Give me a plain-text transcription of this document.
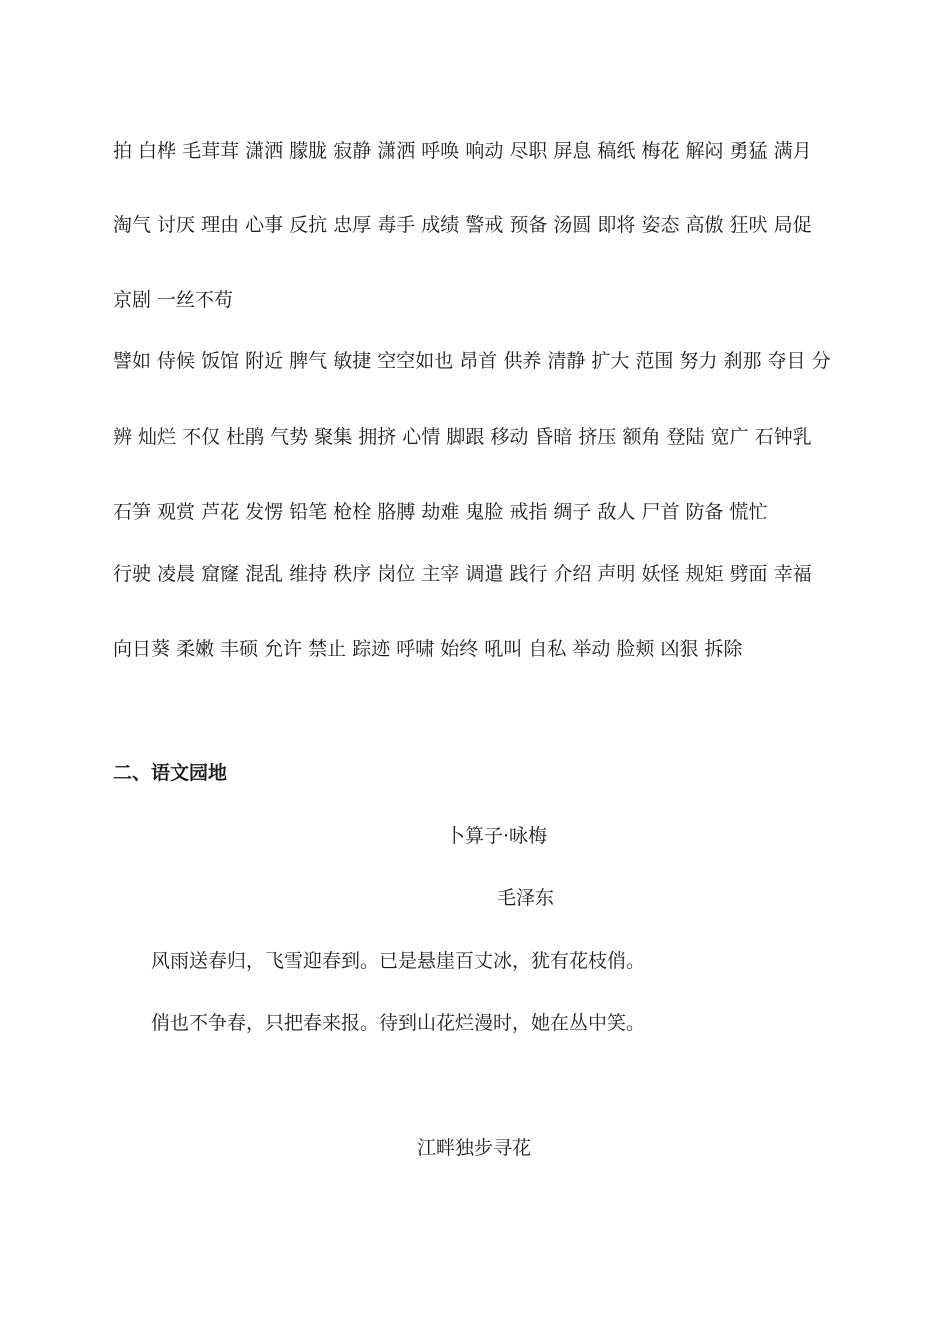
拍 白桦 毛茸茸 潇洒 朦胧 寂静 潇洒 呼唤 响动 尽职 屏息 稿纸 梅花 解闷 勇猛 满月
淘气 讨厌 理由 心事 反抗 忠厚 毒手 成绩 警戒 预备 汤圆 即将 姿态 高傲 狂吠 局促
京剧 一丝不苟
譬如 侍候 饭馆 附近 脾气 敏捷 空空如也 昂首 供养 清静 扩大 范围 努力 刹那 夺目 分
辨 灿烂 不仅 杜鹃 气势 聚集 拥挤 心情 脚跟 移动 昏暗 挤压 额角 登陆 宽广 石钟乳
石笋 观赏 芦花 发愣 铅笔 枪栓 胳膊 劫难 鬼脸 戒指 绸子 敌人 尸首 防备 慌忙
行驶 凌晨 窟窿 混乱 维持 秩序 岗位 主宰 调遣 践行 介绍 声明 妖怪 规矩 劈面 幸福
向日葵 柔嫩 丰硕 允许 禁止 踪迹 呼啸 始终 吼叫 自私 举动 脸颊 凶狠 拆除
二、语文园地
卜算子·咏梅
毛泽东
风雨送春归，飞雪迎春到。已是悬崖百丈冰，犹有花枝俏。
俏也不争春，只把春来报。待到山花烂漫时，她在丛中笑。
江畔独步寻花
